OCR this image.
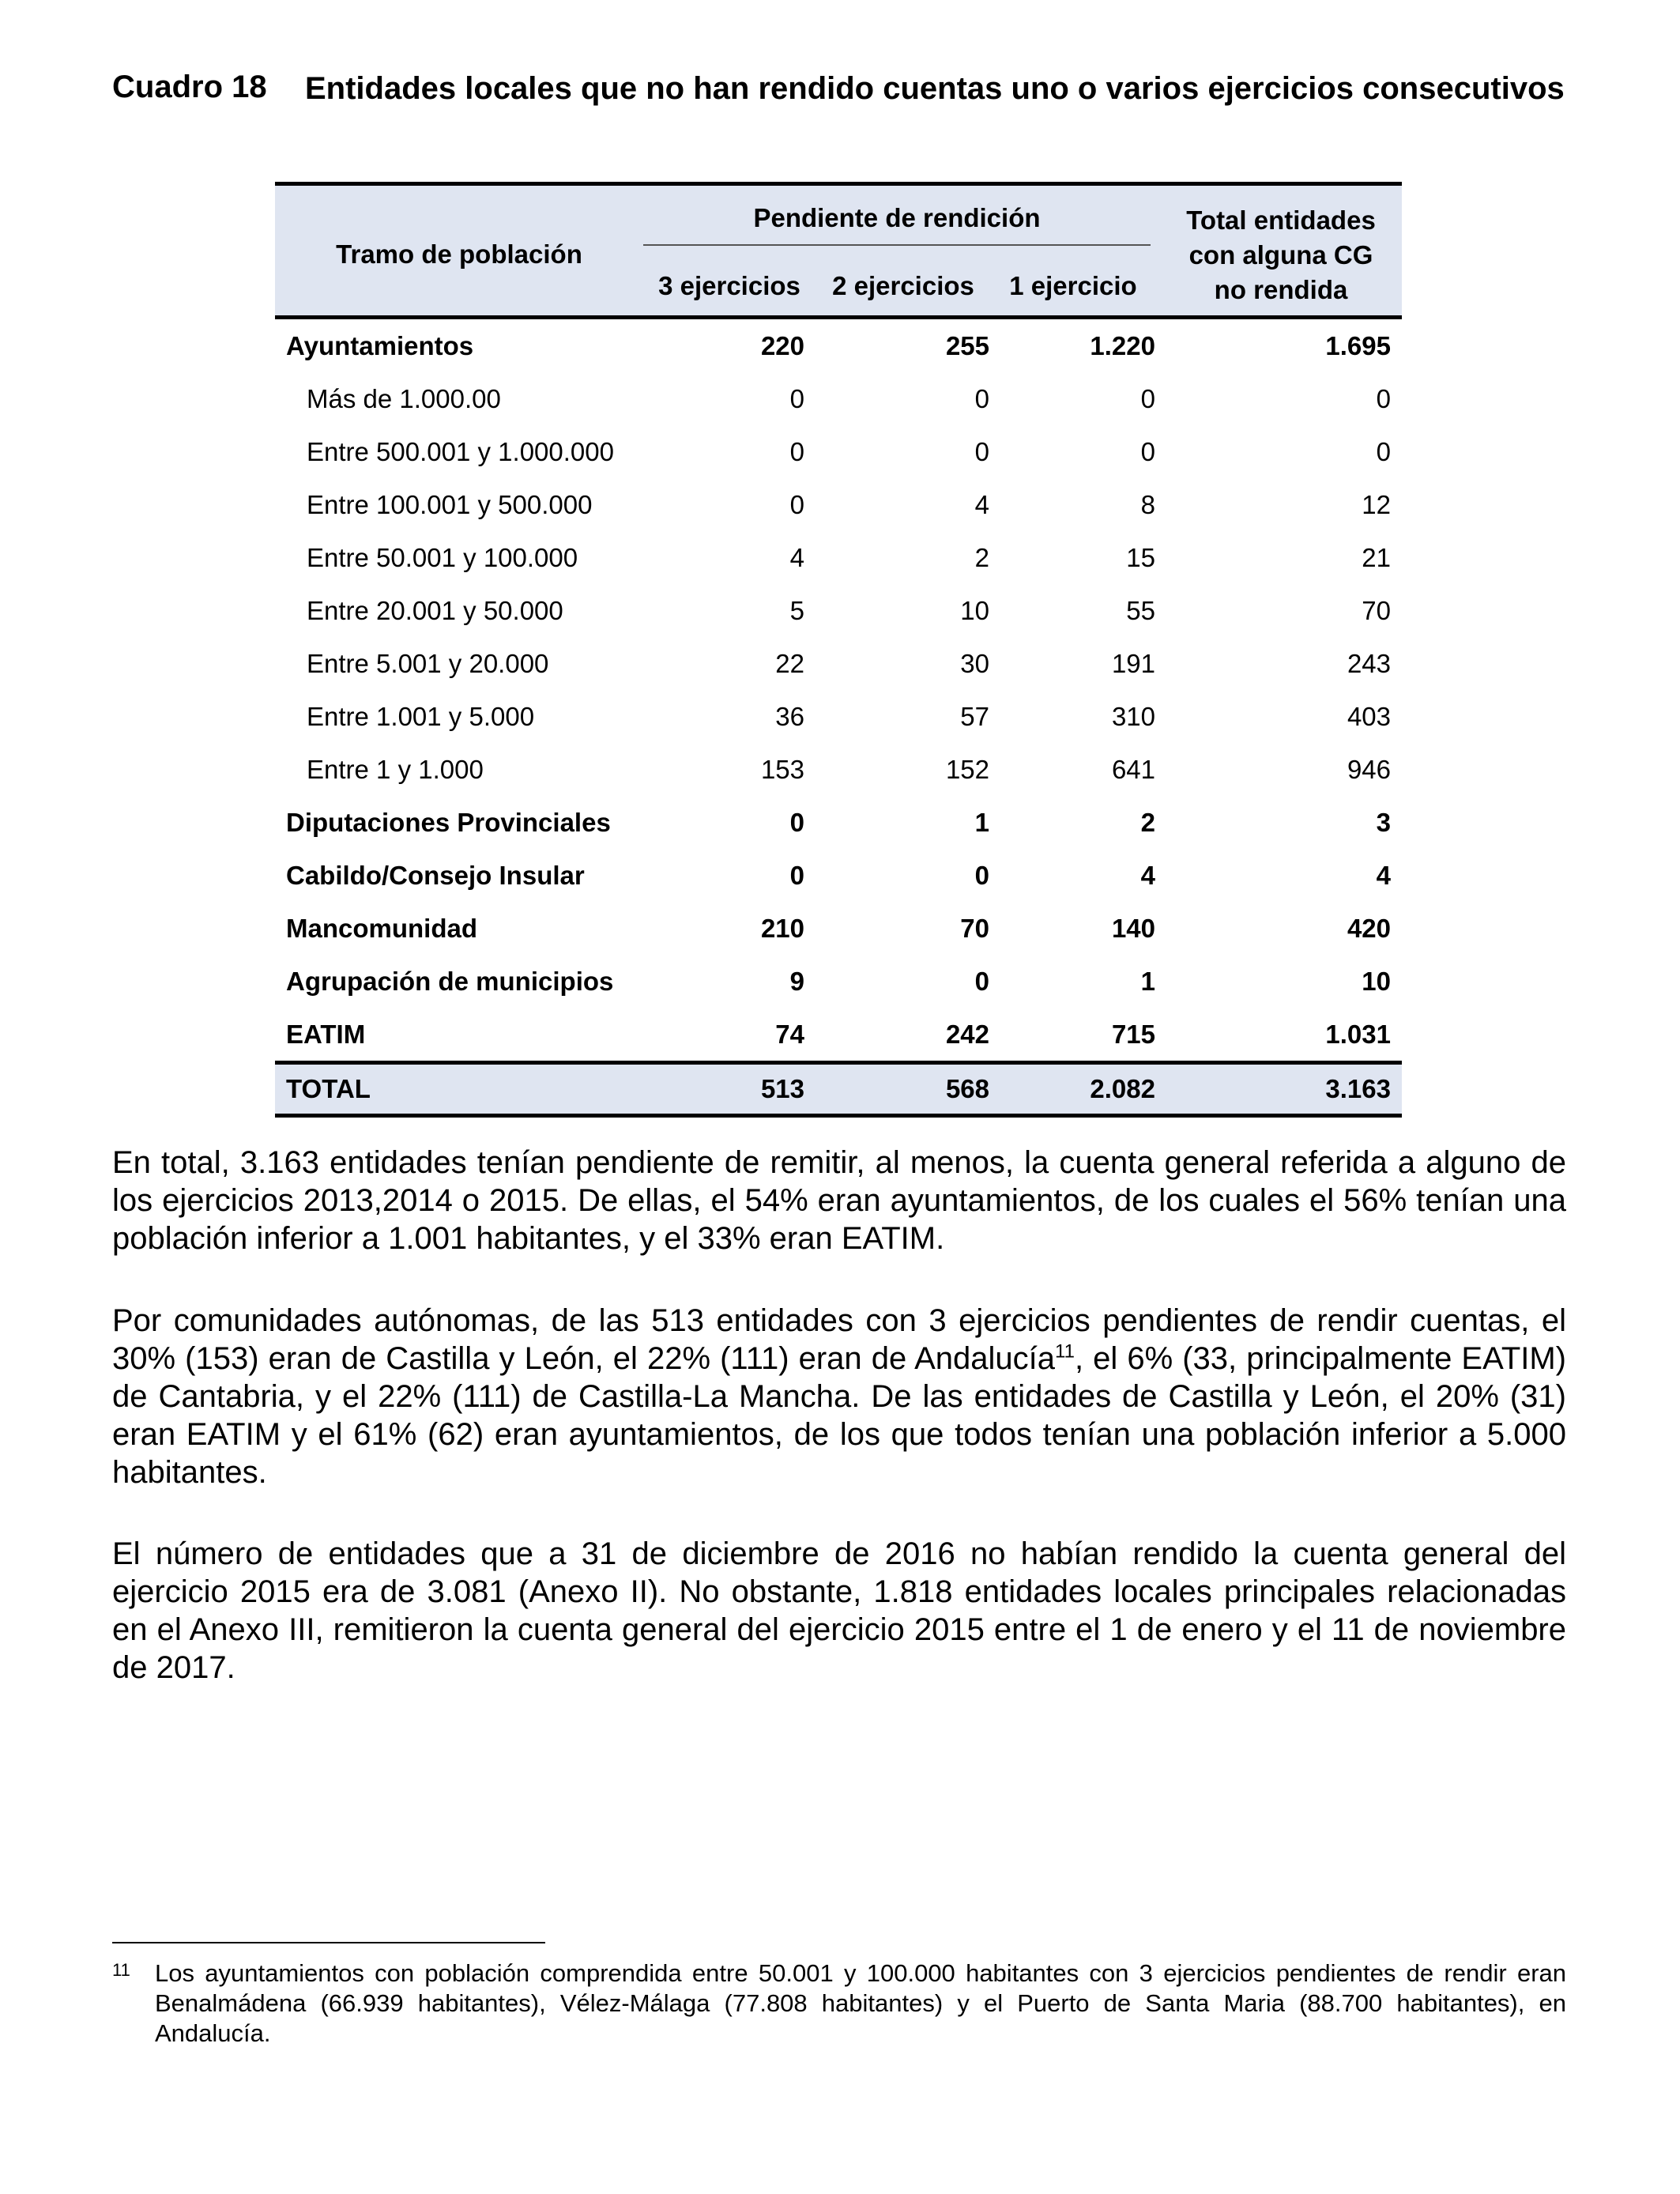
Cuadro 18 Entidades locales que no han rendido cuentas uno o varios ejercicios consecutivos
Tramo de población
Pendiente de rendición
3 ejercicios 2 ejercicios 1 ejercicio
Total entidades
con alguna CG
no rendida
Ayuntamientos	220	255	1.220	1.695
Más de 1.000.00	0	0	0	0
Entre 500.001 y 1.000.000	0	0	0	0
Entre 100.001 y 500.000	0	4	8	12
Entre 50.001 y 100.000	4	2	15	21
Entre 20.001 y 50.000	5	10	55	70
Entre 5.001 y 20.000	22	30	191	243
Entre 1.001 y 5.000	36	57	310	403
Entre 1 y 1.000	153	152	641	946
Diputaciones Provinciales	0	1	2	3
Cabildo/Consejo Insular	0	0	4	4
Mancomunidad	210	70	140	420
Agrupación de municipios	9	0	1	10
EATIM	74	242	715	1.031
TOTAL	513	568	2.082	3.163

En total, 3.163 entidades tenían pendiente de remitir, al menos, la cuenta general referida a alguno de los ejercicios 2013,2014 o 2015. De ellas, el 54% eran ayuntamientos, de los cuales el 56% tenían una población inferior a 1.001 habitantes, y el 33% eran EATIM.

Por comunidades autónomas, de las 513 entidades con 3 ejercicios pendientes de rendir cuentas, el 30% (153) eran de Castilla y León, el 22% (111) eran de Andalucía$^{11}$, el 6% (33, principalmente EATIM) de Cantabria, y el 22% (111) de Castilla-La Mancha. De las entidades de Castilla y León, el 20% (31) eran EATIM y el 61% (62) eran ayuntamientos, de los que todos tenían una población inferior a 5.000 habitantes.

El número de entidades que a 31 de diciembre de 2016 no habían rendido la cuenta general del ejercicio 2015 era de 3.081 (Anexo II). No obstante, 1.818 entidades locales principales relacionadas en el Anexo III, remitieron la cuenta general del ejercicio 2015 entre el 1 de enero y el 11 de noviembre de 2017.

11 Los ayuntamientos con población comprendida entre 50.001 y 100.000 habitantes con 3 ejercicios pendientes de rendir eran Benalmádena (66.939 habitantes), Vélez-Málaga (77.808 habitantes) y el Puerto de Santa Maria (88.700 habitantes), en Andalucía.
